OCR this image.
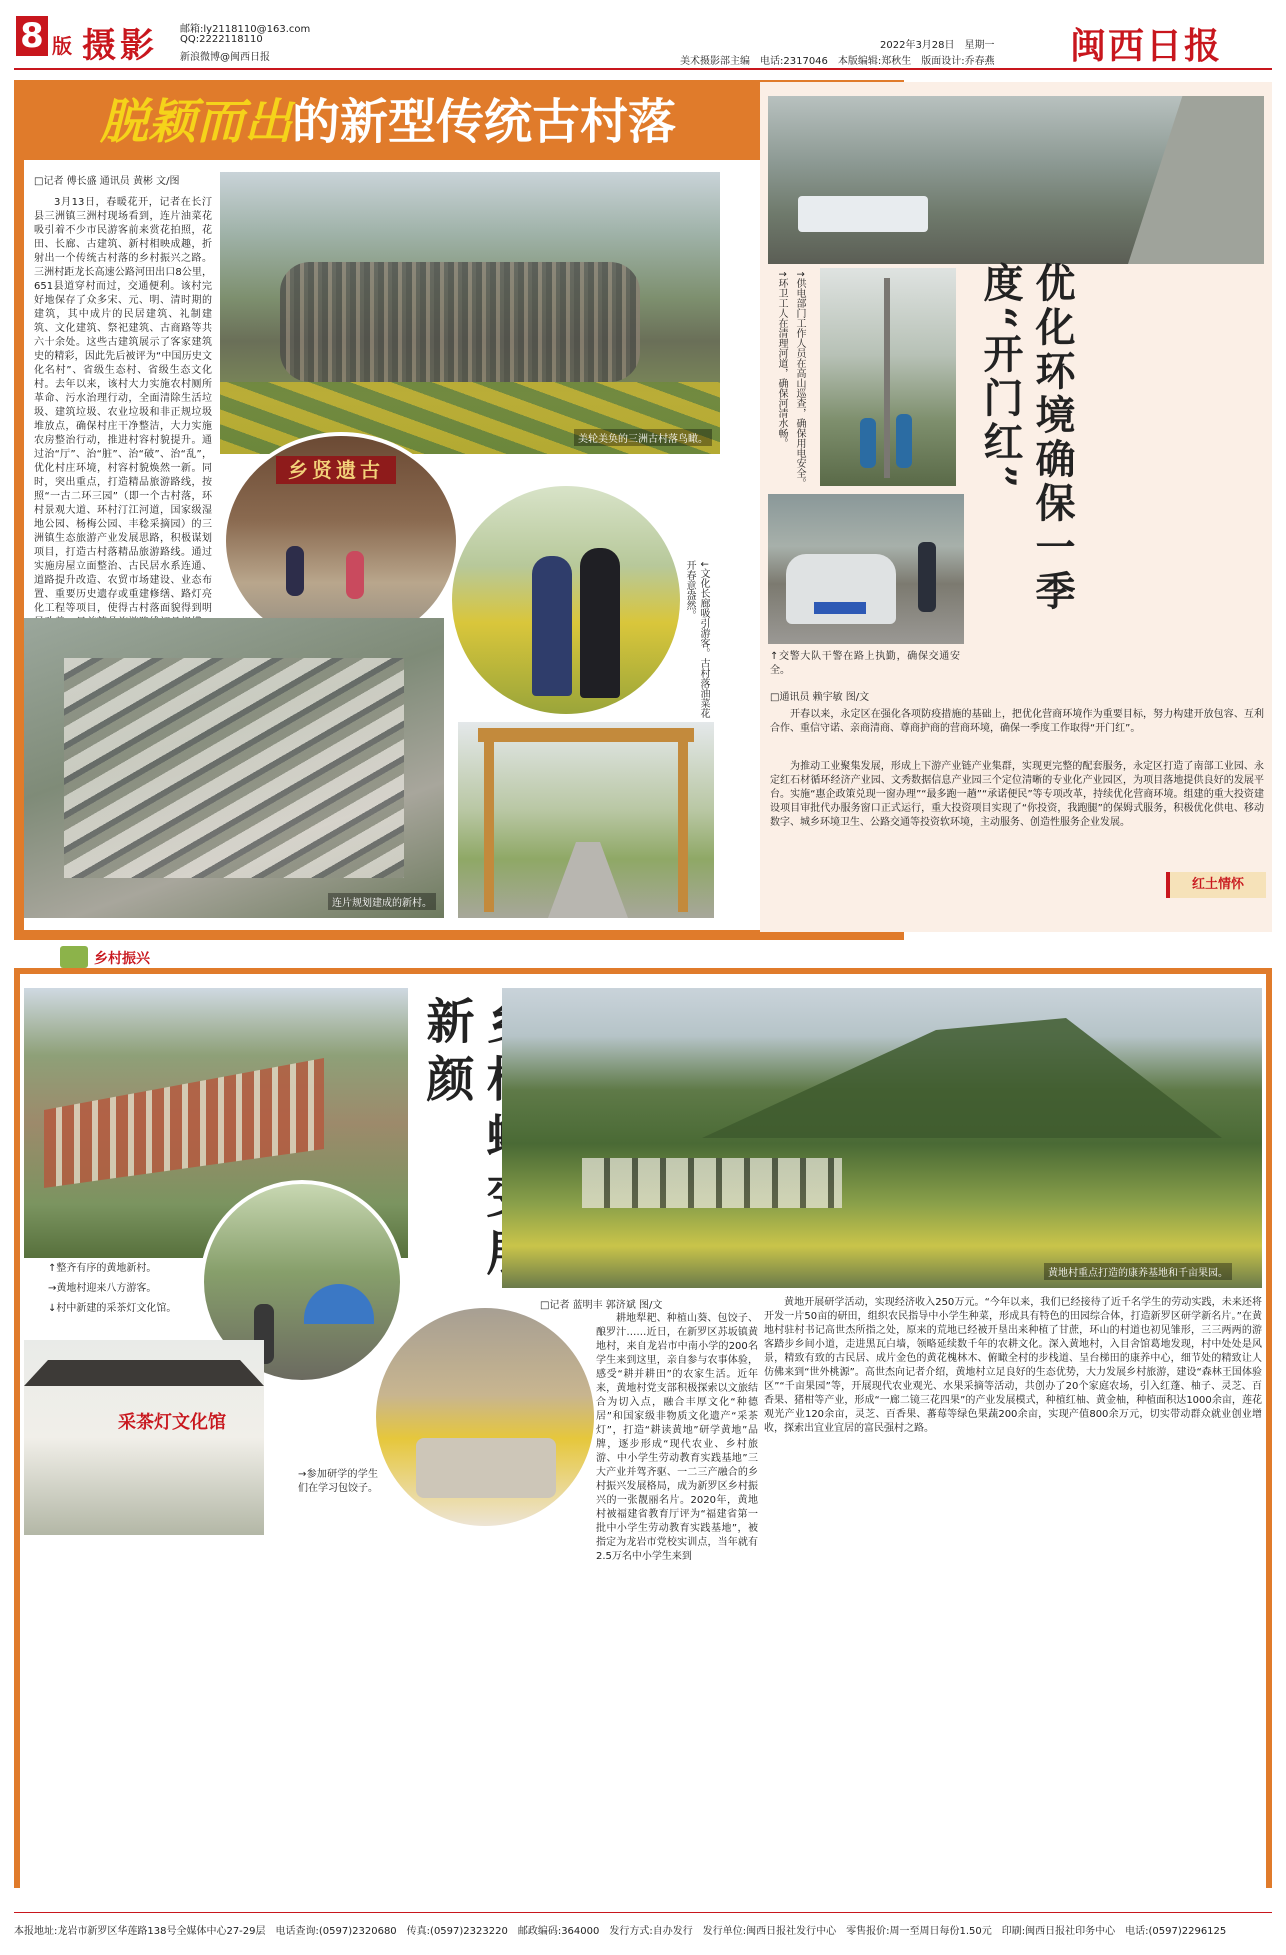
8 版 摄影 邮箱:ly2118110@163.com
QQ:2222118110
新浪微博@闽西日报
2022年3月28日　星期一
美术摄影部主编　电话:2317046　本版编辑:郑秋生　版面设计:乔春燕 闽西日报
脱颖而出的新型传统古村落
□记者 傅长盛 通讯员 黄彬 文/图
3月13日，春暖花开，记者在长汀县三洲镇三洲村现场看到，连片油菜花吸引着不少市民游客前来赏花拍照，花田、长廊、古建筑、新村相映成趣，折射出一个传统古村落的乡村振兴之路。三洲村距龙长高速公路河田出口8公里，651县道穿村而过，交通便利。该村完好地保存了众多宋、元、明、清时期的建筑，其中成片的民居建筑、礼制建筑、文化建筑、祭祀建筑、古商路等共六十余处。这些古建筑展示了客家建筑史的精彩，因此先后被评为“中国历史文化名村”、省级生态村、省级生态文化村。去年以来，该村大力实施农村厕所革命、污水治理行动，全面清除生活垃圾、建筑垃圾、农业垃圾和非正规垃圾堆放点，确保村庄干净整洁，大力实施农房整治行动，推进村容村貌提升。通过治“厅”、治“脏”、治“破”、治“乱”，优化村庄环境，村容村貌焕然一新。同时，突出重点，打造精品旅游路线，按照“一古二环三园”（即一个古村落，环村景观大道、环村汀江河道，国家级湿地公园、杨梅公园、丰稔采摘园）的三洲镇生态旅游产业发展思路，积极谋划项目，打造古村落精品旅游路线。通过实施房屋立面整治、古民居水系连通、道路提升改造、农贸市场建设、业态布置、重要历史遗存或重建修缮、路灯亮化工程等项目，使得古村落面貌得到明
美轮美奂的三洲古村落鸟瞰。
乡贤遗古
↓文化长廊吸引游客。古村落油菜花开春意盎然。
连片规划建成的新村。
↑环卫工人在清理河道，确保河清水畅。 ↑供电部门工作人员在高山巡查，确保用电安全。	优化环境确保一季度“开门红”
↑交警大队干警在路上执勤，确保交通安全。
□通讯员 赖宇敏 图/文
开春以来，永定区在强化各项防疫措施的基础上，把优化营商环境作为重要目标，努力构建开放包容、互利合作、重信守诺、亲商清商、尊商护商的营商环境，确保一季度工作取得“开门红”。
为推动工业聚集发展，形成上下游产业链产业集群，实现更完整的配套服务，永定区打造了南部工业园、永定红石材循环经济产业园、文秀数据信息产业园三个定位清晰的专业化产业园区，为项目落地提供良好的发展平台。实施“惠企政策兑现一窗办理”“最多跑一趟”“承诺便民”等专项改革，持续优化营商环境。组建的重大投资建设项目审批代办服务窗口正式运行，重大投资项目实现了“你投资，我跑腿”的保姆式服务，积极优化供电、移动数字、城乡环境卫生、公路交通等投资软环境，主动服务、创造性服务企业发展。
红土情怀
乡村振兴
新颜
↑整齐有序的黄地新村。
→黄地村迎来八方游客。
↓村中新建的采茶灯文化馆。
采茶灯文化馆
→参加研学的学生们在学习包饺子。
黄地村重点打造的康养基地和千亩果园。
□记者 蓝明丰 郭济斌 图/文
耕地犁耙、种植山葵、包饺子、酿罗汁……近日，在新罗区苏坂镇黄地村，来自龙岩市中南小学的200名学生来到这里，亲自参与农事体验，感受“耕并耕田”的农家生活。近年来，黄地村党支部积极探索以文旅结合为切入点，融合丰厚文化“种德居”和国家级非物质文化遗产“采茶灯”，打造“耕读黄地”研学黄地”品牌，逐步形成“现代农业、乡村旅游、中小学生劳动教育实践基地”三大产业并驾齐驱、一二三产融合的乡村振兴发展格局，成为新罗区乡村振兴的一张靓丽名片。2020年，黄地村被福建省教育厅评为“福建省第一批中小学生劳动教育实践基地”，被指定为龙岩市党校实训点，当年就有2.5万名中小学生来到
黄地开展研学活动，实现经济收入250万元。“今年以来，我们已经接待了近千名学生的劳动实践，未来还将开发一片50亩的研田，组织农民指导中小学生种菜，形成具有特色的田园综合体，打造新罗区研学新名片。”在黄地村驻村书记高世杰所指之处，原来的荒地已经被开垦出来种植了甘蔗，环山的村道也初见雏形，三三两两的游客踏步乡间小道，走进黑瓦白墙，领略延续数千年的农耕文化。深入黄地村，入目舍馆葛地发现，村中处处是风景，精致有致的古民居、成片金色的黄花槐林木、俯瞰全村的步栈道、呈台梯田的康养中心，细节处的精致让人仿佛来到“世外桃源”。高世杰向记者介绍，黄地村立足良好的生态优势，大力发展乡村旅游，建设“森林王国体验区”“千亩果园”等，开展现代农业观光、水果采摘等活动，共创办了20个家庭农场，引入红蓬、柚子、灵芝、百香果、猪柑等产业，形成“一廊二镜三花四果”的产业发展模式，种植红柚、黄金柚，种植面积达1000余亩，莲花观光产业120余亩，灵芝、百香果、蕃莓等绿色果蔬200余亩，实现产值800余万元，切实带动群众就业创业增收，探索出宜业宜居的富民强村之路。
本报地址:龙岩市新罗区华莲路138号全媒体中心27-29层　电话查询:(0597)2320680　传真:(0597)2323220　邮政编码:364000　发行方式:自办发行　发行单位:闽西日报社发行中心　零售报价:周一至周日每份1.50元　印刷:闽西日报社印务中心　电话:(0597)2296125
